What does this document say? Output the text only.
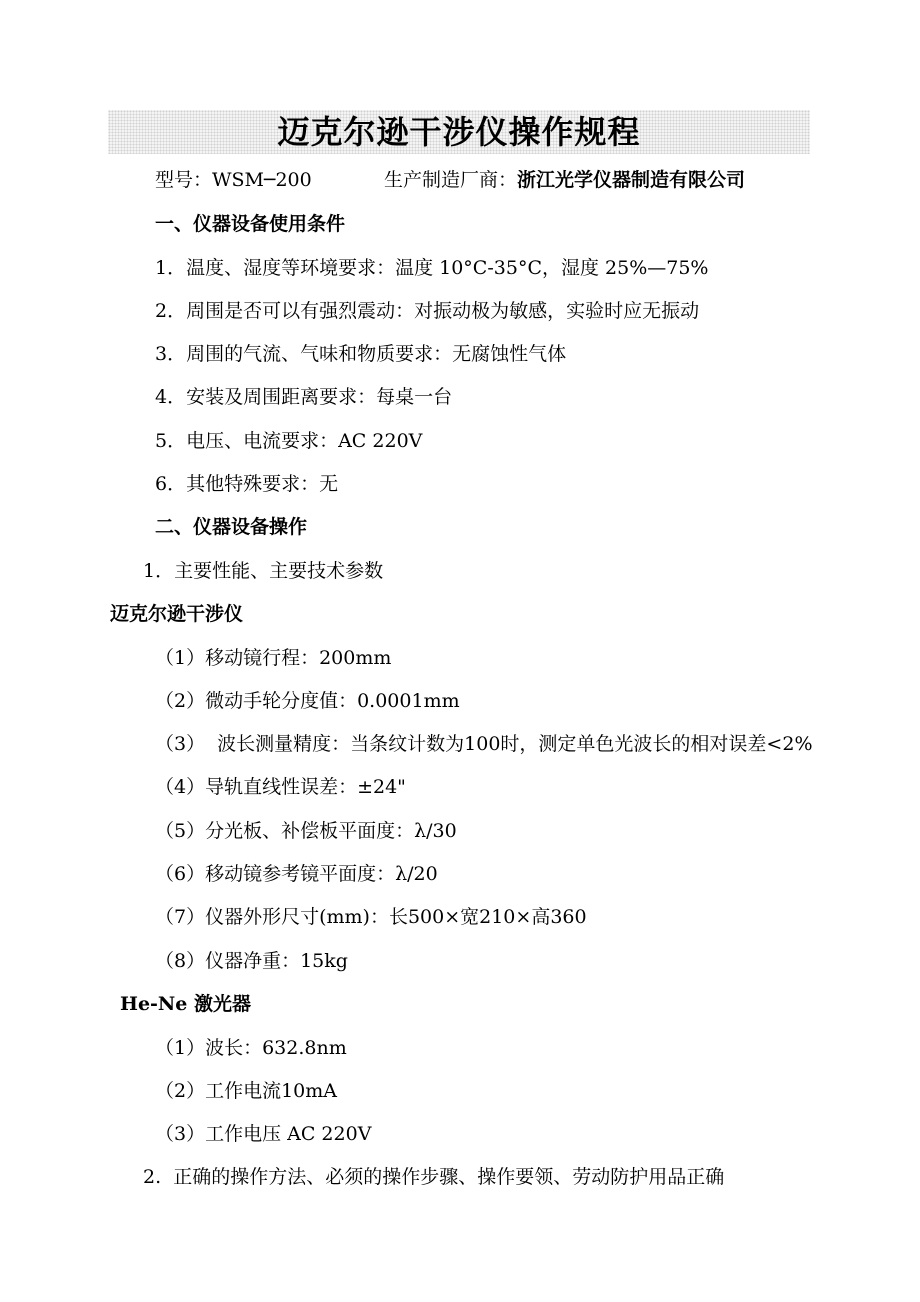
迈克尔逊干涉仪操作规程
型号：WSM─200	生产制造厂商：浙江光学仪器制造有限公司
一、仪器设备使用条件
1．温度、湿度等环境要求：温度 10°C-35°C，湿度 25%—75%
2．周围是否可以有强烈震动：对振动极为敏感，实验时应无振动
3．周围的气流、气味和物质要求：无腐蚀性气体
4．安装及周围距离要求：每桌一台
5．电压、电流要求：AC 220V
6．其他特殊要求：无
二、仪器设备操作
1．主要性能、主要技术参数
迈克尔逊干涉仪
（1）移动镜行程：200mm
（2）微动手轮分度值：0.0001mm
（3）  波长测量精度：当条纹计数为100时，测定单色光波长的相对误差<2%
（4）导轨直线性误差：±24"
（5）分光板、补偿板平面度：λ/30
（6）移动镜参考镜平面度：λ/20
（7）仪器外形尺寸(mm)：长500×宽210×高360
（8）仪器净重：15kg
He-Ne 激光器
（1）波长：632.8nm
（2）工作电流10mA
（3）工作电压 AC 220V
2.  正确的操作方法、必须的操作步骤、操作要领、劳动防护用品正确
